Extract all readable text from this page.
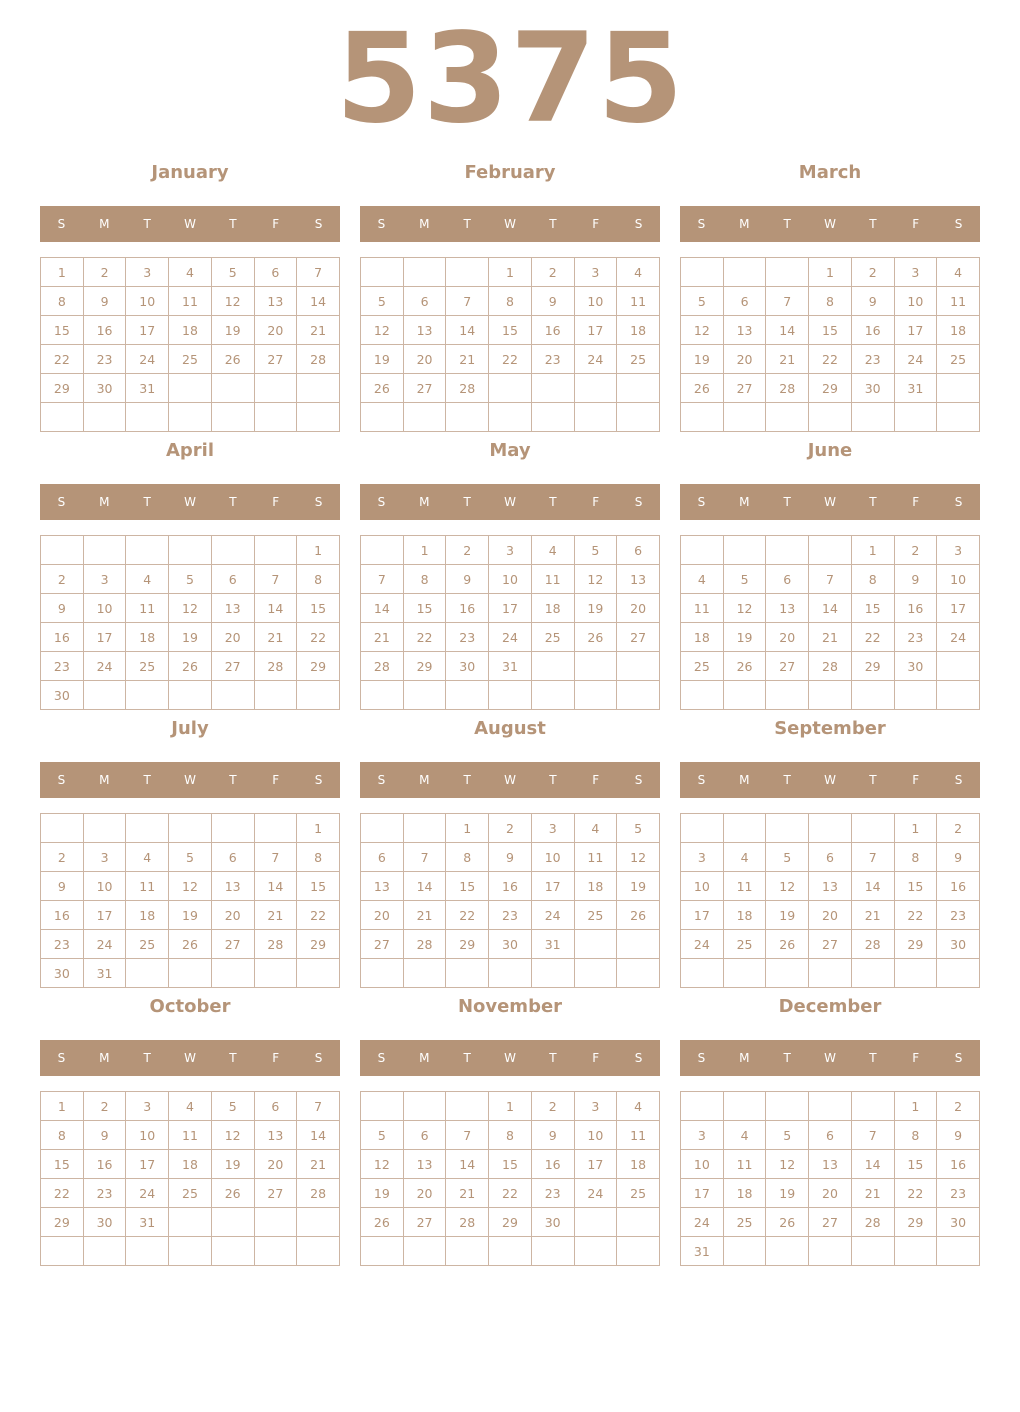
5375
January
S	M	T	W	T	F	S
1	2	3	4	5	6	7
8	9	10	11	12	13	14
15	16	17	18	19	20	21
22	23	24	25	26	27	28
29	30	31				

February
S	M	T	W	T	F	S
			1	2	3	4
5	6	7	8	9	10	11
12	13	14	15	16	17	18
19	20	21	22	23	24	25
26	27	28				

March
S	M	T	W	T	F	S
			1	2	3	4
5	6	7	8	9	10	11
12	13	14	15	16	17	18
19	20	21	22	23	24	25
26	27	28	29	30	31	

April
S	M	T	W	T	F	S
						1
2	3	4	5	6	7	8
9	10	11	12	13	14	15
16	17	18	19	20	21	22
23	24	25	26	27	28	29
30						
May
S	M	T	W	T	F	S
	1	2	3	4	5	6
7	8	9	10	11	12	13
14	15	16	17	18	19	20
21	22	23	24	25	26	27
28	29	30	31			

June
S	M	T	W	T	F	S
				1	2	3
4	5	6	7	8	9	10
11	12	13	14	15	16	17
18	19	20	21	22	23	24
25	26	27	28	29	30	

July
S	M	T	W	T	F	S
						1
2	3	4	5	6	7	8
9	10	11	12	13	14	15
16	17	18	19	20	21	22
23	24	25	26	27	28	29
30	31					
August
S	M	T	W	T	F	S
		1	2	3	4	5
6	7	8	9	10	11	12
13	14	15	16	17	18	19
20	21	22	23	24	25	26
27	28	29	30	31		

September
S	M	T	W	T	F	S
					1	2
3	4	5	6	7	8	9
10	11	12	13	14	15	16
17	18	19	20	21	22	23
24	25	26	27	28	29	30

October
S	M	T	W	T	F	S
1	2	3	4	5	6	7
8	9	10	11	12	13	14
15	16	17	18	19	20	21
22	23	24	25	26	27	28
29	30	31				

November
S	M	T	W	T	F	S
			1	2	3	4
5	6	7	8	9	10	11
12	13	14	15	16	17	18
19	20	21	22	23	24	25
26	27	28	29	30		

December
S	M	T	W	T	F	S
					1	2
3	4	5	6	7	8	9
10	11	12	13	14	15	16
17	18	19	20	21	22	23
24	25	26	27	28	29	30
31						
